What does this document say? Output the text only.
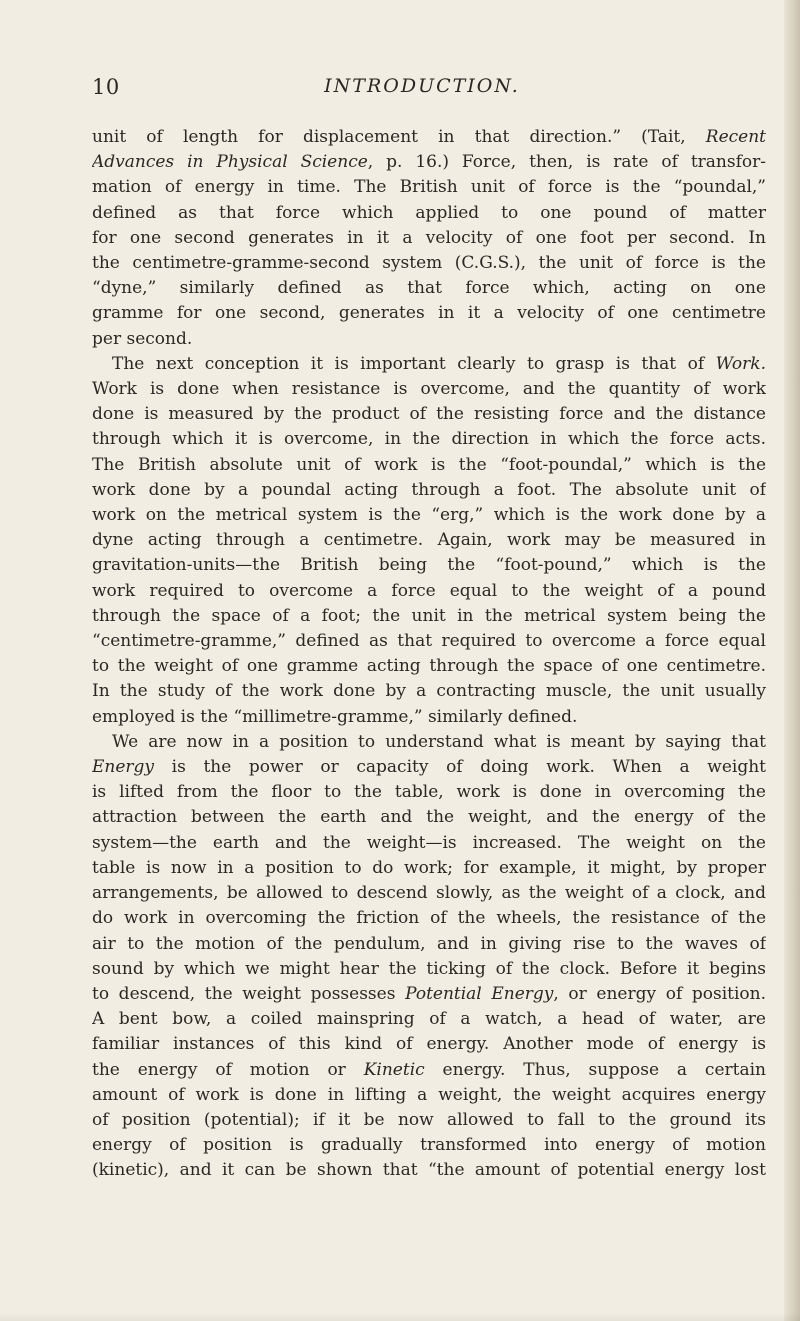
10	INTRODUCTION.

unit of length for displacement in that direction.” (Tait, Recent

Advances in Physical Science, p. 16.) Force, then, is rate of transfor-

mation of energy in time. The British unit of force is the “poundal,”

defined as that force which applied to one pound of matter

for one second generates in it a velocity of one foot per second. In

the centimetre-gramme-second system (C.G.S.), the unit of force is the

“dyne,” similarly defined as that force which, acting on one

gramme for one second, generates in it a velocity of one centimetre

per second.

The next conception it is important clearly to grasp is that of Work.

Work is done when resistance is overcome, and the quantity of work

done is measured by the product of the resisting force and the distance

through which it is overcome, in the direction in which the force acts.

The British absolute unit of work is the “foot-poundal,” which is the

work done by a poundal acting through a foot. The absolute unit of

work on the metrical system is the “erg,” which is the work done by a

dyne acting through a centimetre. Again, work may be measured in

gravitation-units—the British being the “foot-pound,” which is the

work required to overcome a force equal to the weight of a pound

through the space of a foot; the unit in the metrical system being the

“centimetre-gramme,” defined as that required to overcome a force equal

to the weight of one gramme acting through the space of one centimetre.

In the study of the work done by a contracting muscle, the unit usually

employed is the “millimetre-gramme,” similarly defined.

We are now in a position to understand what is meant by saying that

Energy is the power or capacity of doing work. When a weight

is lifted from the floor to the table, work is done in overcoming the

attraction between the earth and the weight, and the energy of the

system—the earth and the weight—is increased. The weight on the

table is now in a position to do work; for example, it might, by proper

arrangements, be allowed to descend slowly, as the weight of a clock, and

do work in overcoming the friction of the wheels, the resistance of the

air to the motion of the pendulum, and in giving rise to the waves of

sound by which we might hear the ticking of the clock. Before it begins

to descend, the weight possesses Potential Energy, or energy of position.

A bent bow, a coiled mainspring of a watch, a head of water, are

familiar instances of this kind of energy. Another mode of energy is

the energy of motion or Kinetic energy. Thus, suppose a certain

amount of work is done in lifting a weight, the weight acquires energy

of position (potential); if it be now allowed to fall to the ground its

energy of position is gradually transformed into energy of motion

(kinetic), and it can be shown that “the amount of potential energy lost
